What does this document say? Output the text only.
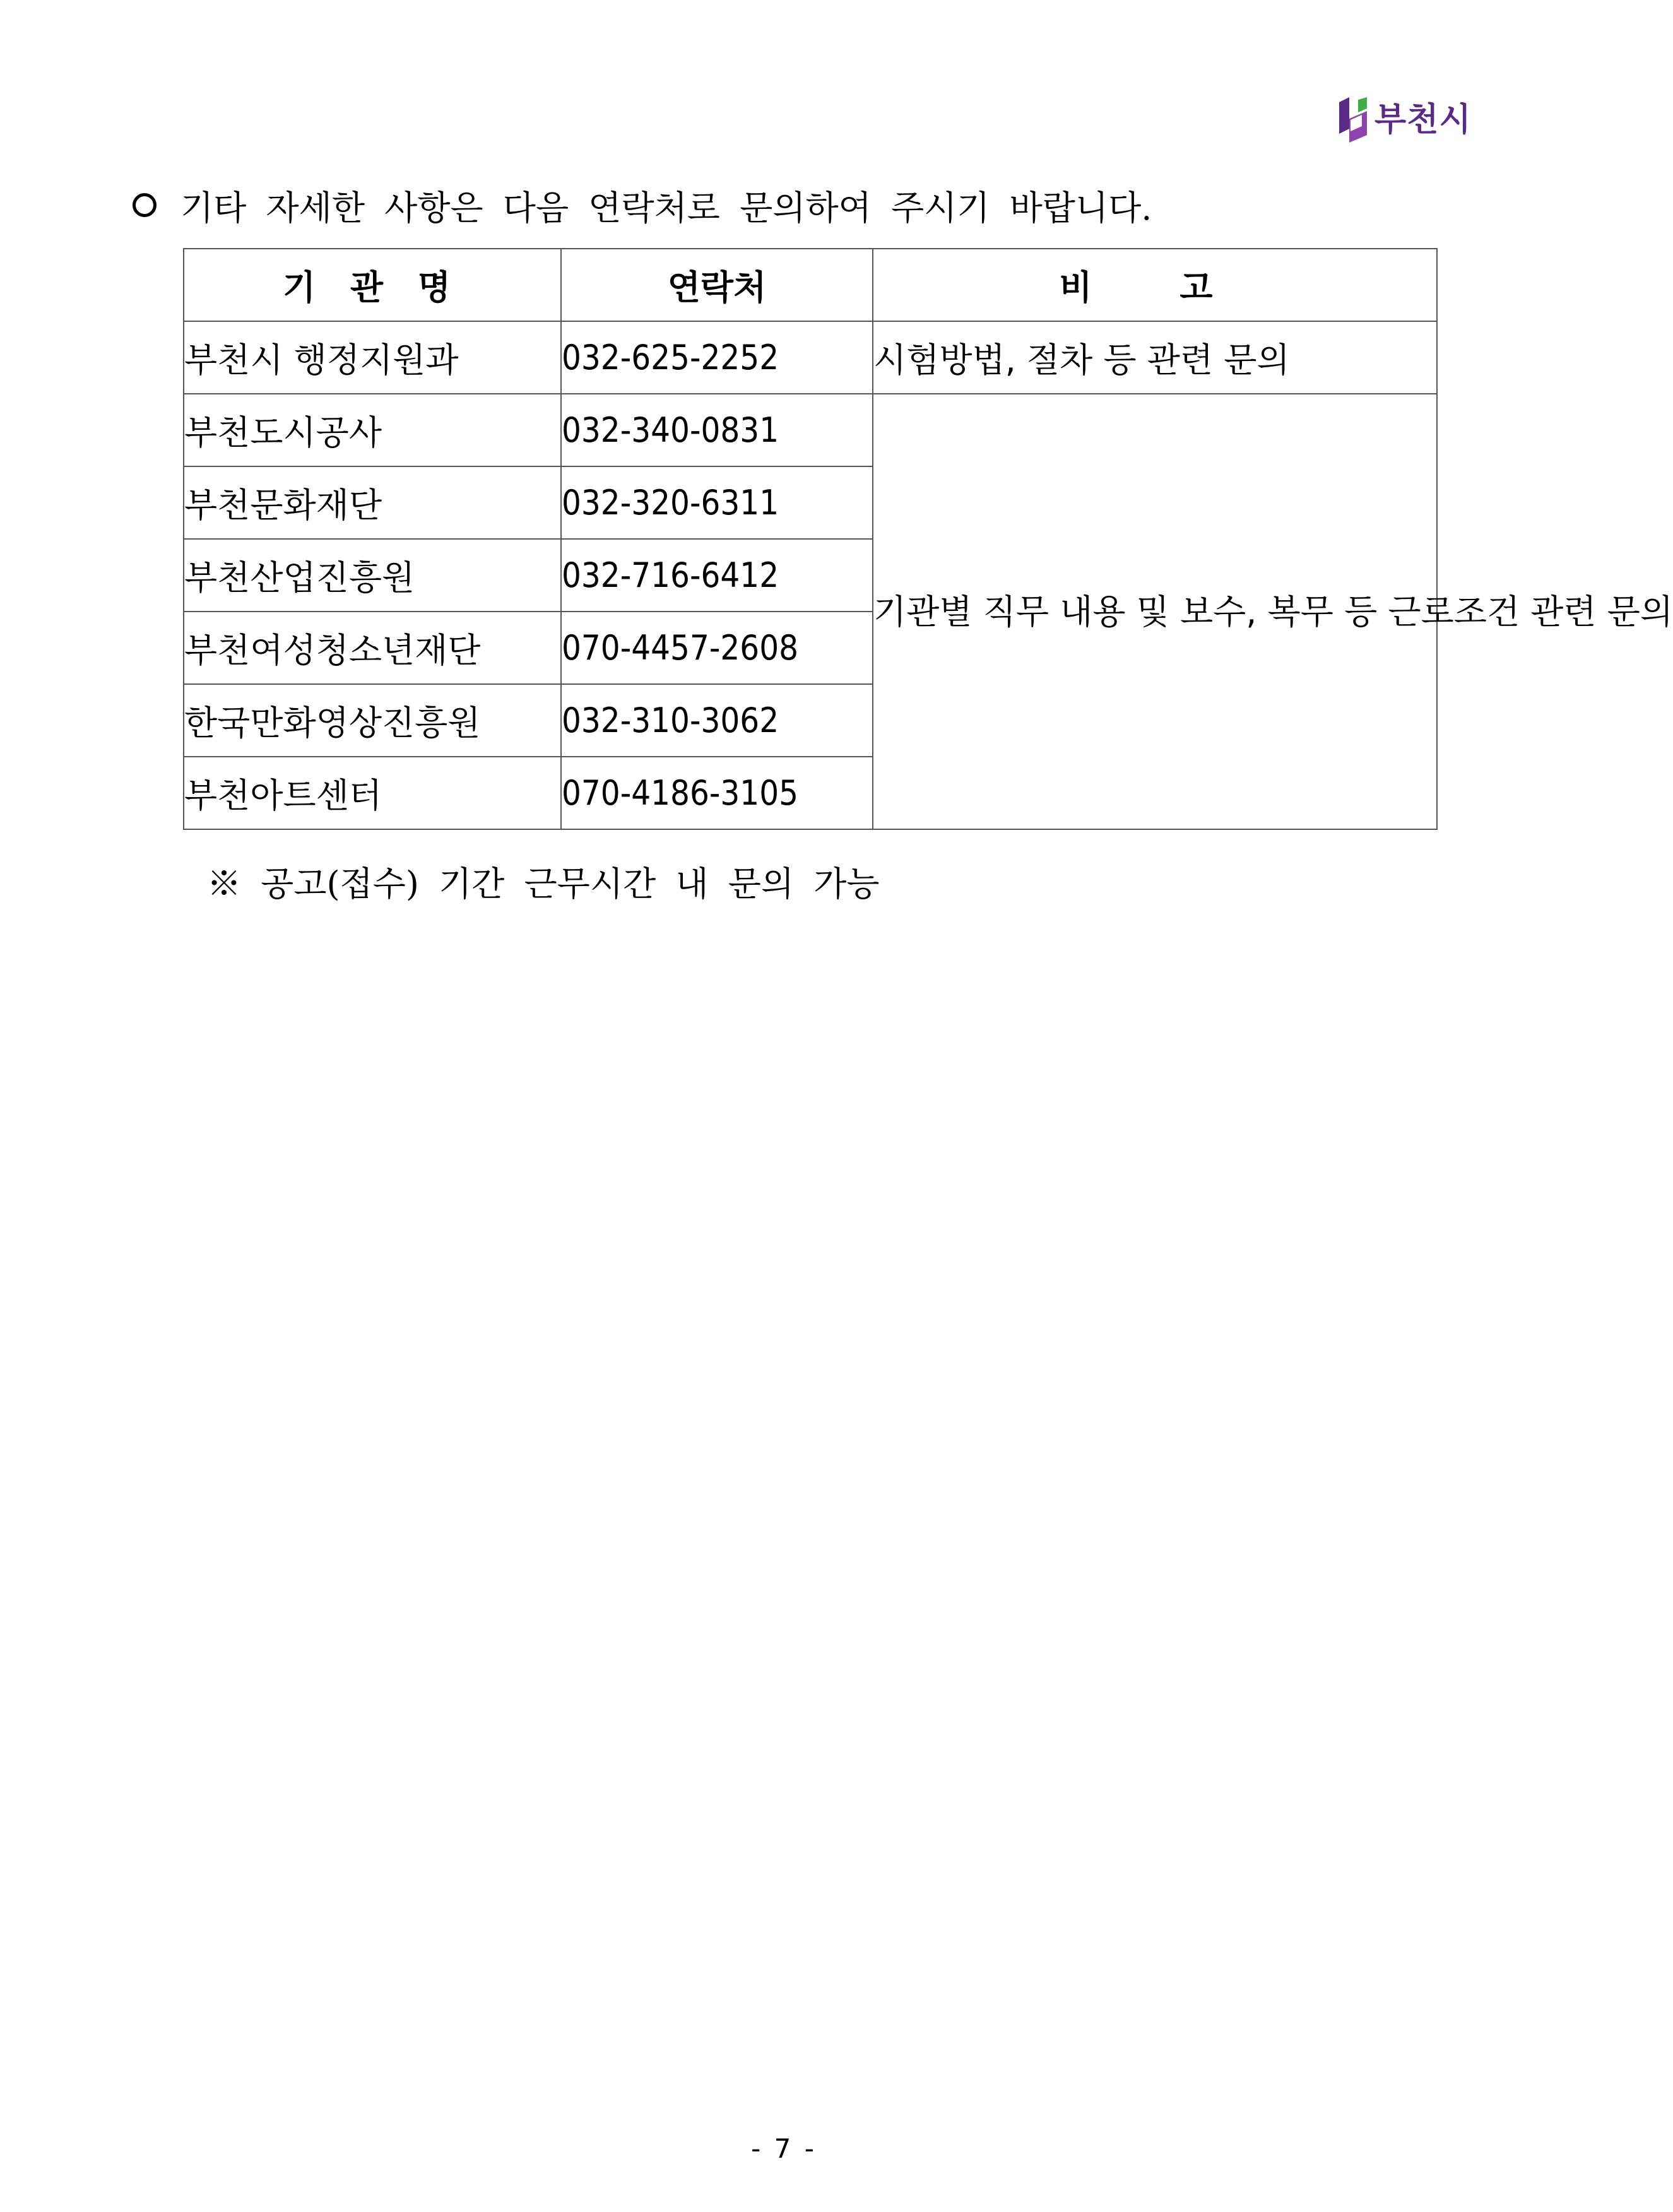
부천시
기타 자세한 사항은 다음 연락처로 문의하여 주시기 바랍니다.
기 관 명	연락처	비 고
부천시 행정지원과	032-625-2252	시험방법, 절차 등 관련 문의
부천도시공사	032-340-0831	기관별 직무 내용 및 보수, 복무 등 근로조건 관련 문의
부천문화재단	032-320-6311	
부천산업진흥원	032-716-6412	
부천여성청소년재단	070-4457-2608	
한국만화영상진흥원	032-310-3062	
부천아트센터	070-4186-3105	
※ 공고(접수) 기간 근무시간 내 문의 가능
- 7 -
